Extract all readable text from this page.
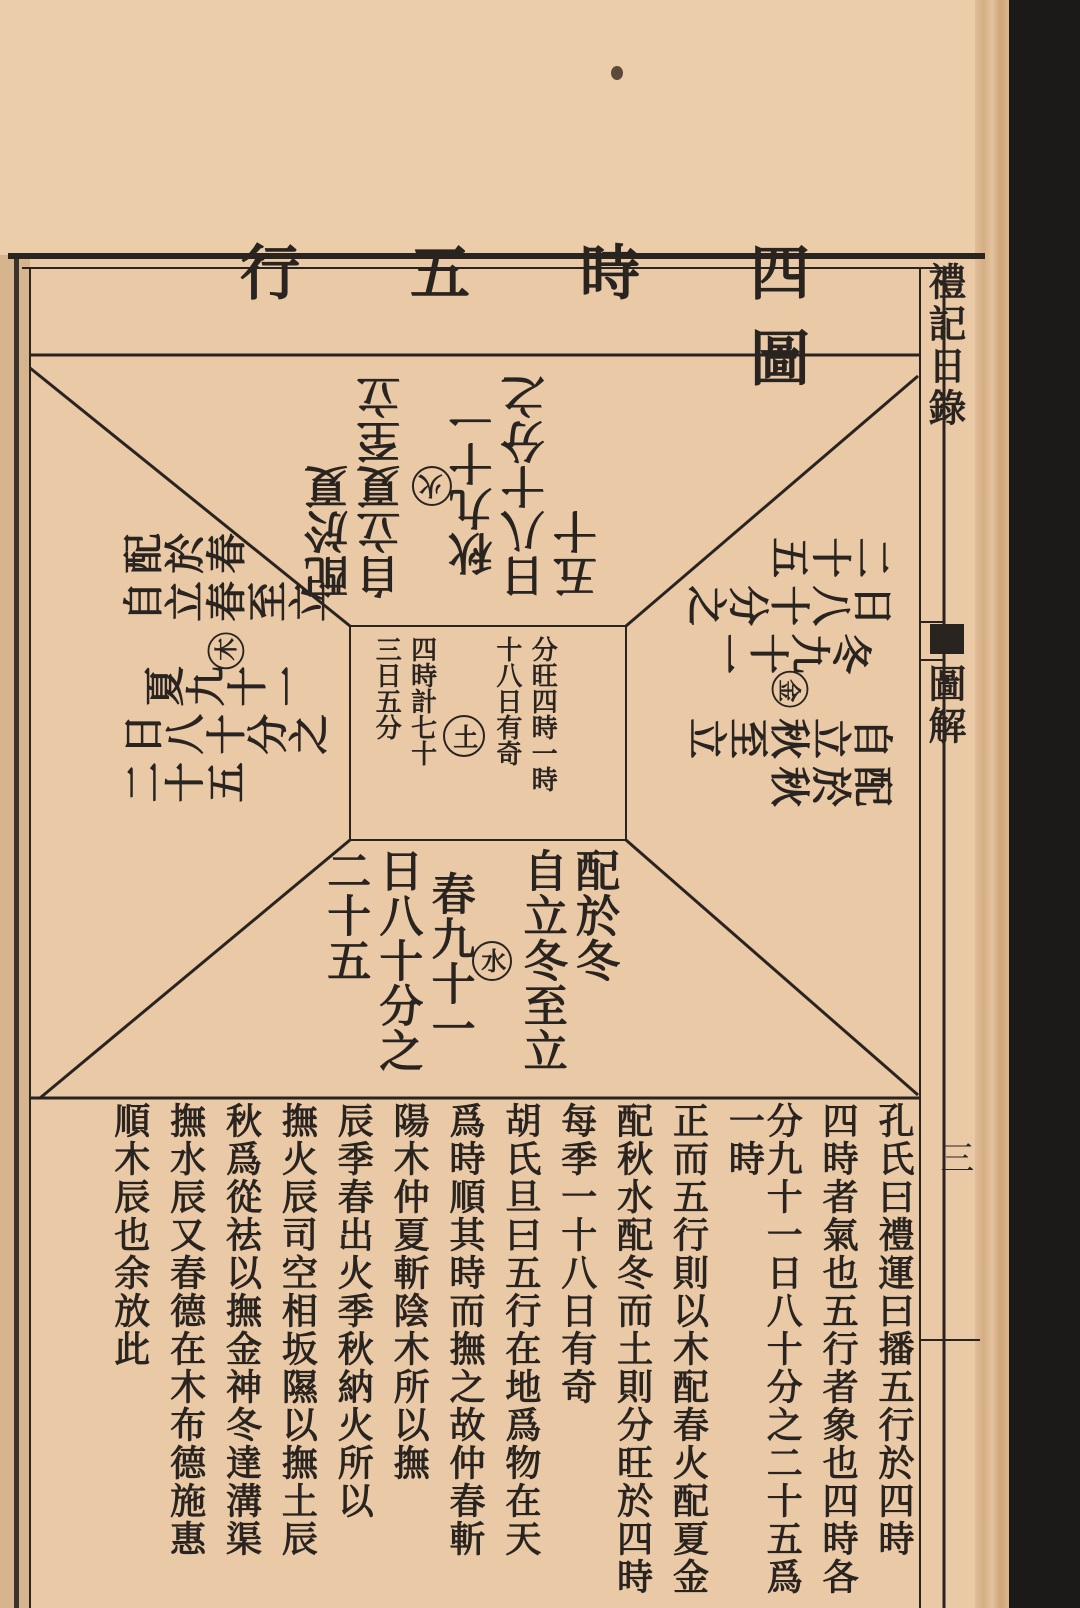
禮記日錄
圖解
三
四時五行圖

配於夏 自立夏至立 火 秋九十一 日八十分之 五十

配於秋

自立秋至立

金
冬九十一

日八十分之

二十五

配於春

自立春至立

木
夏九十一

日八十分之

二十五

配於冬

自立冬至立

水
春九十一

日八十分之

二十五

分旺四時一時

十八日有奇

土

四時計七十

三日五分

孔氏曰禮運曰播五行於四時

四時者氣也五行者象也四時各

分九十一日八十分之二十五爲一時

正而五行則以木配春火配夏金

配秋水配冬而土則分旺於四時

每季一十八日有奇

胡氏旦曰五行在地爲物在天

爲時順其時而撫之故仲春斬

陽木仲夏斬陰木所以撫

辰季春出火季秋納火所以

撫火辰司空相坂隰以撫土辰

秋爲從祛以撫金神冬達溝渠

撫水辰又春德在木布德施惠

順木辰也余放此
